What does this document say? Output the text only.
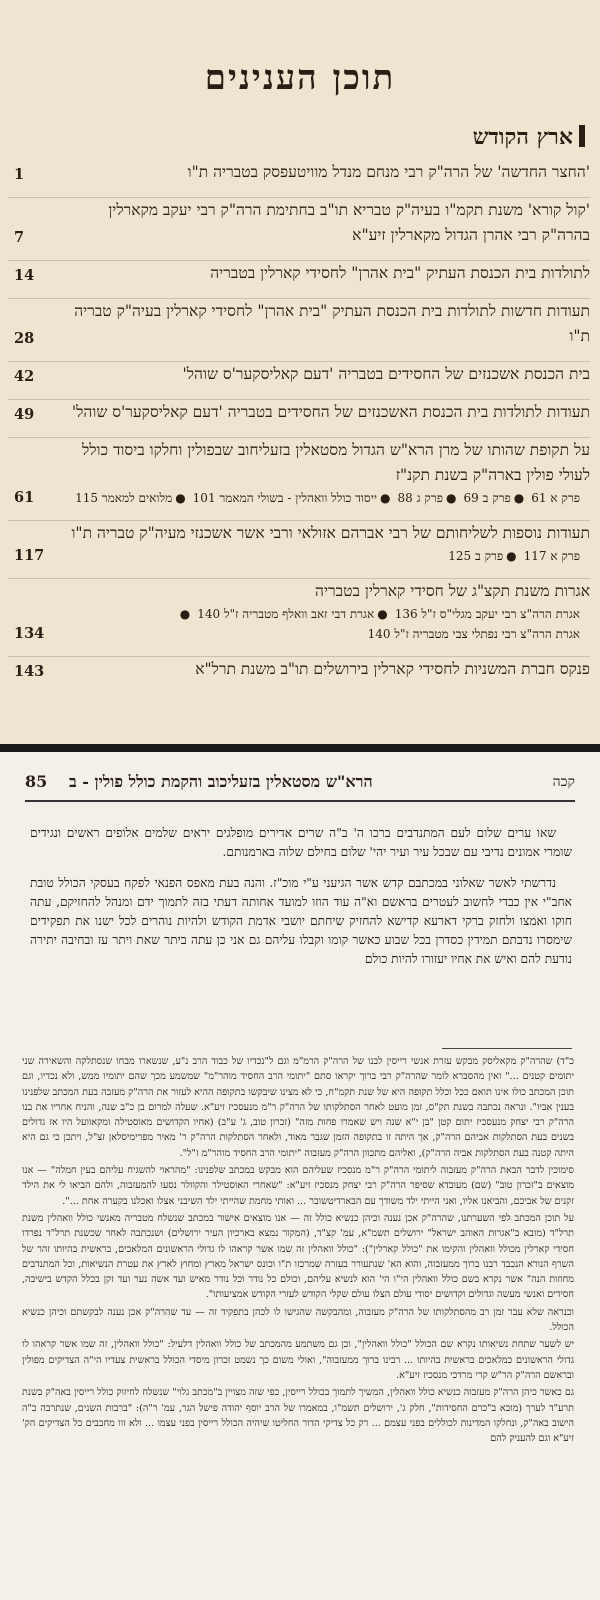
תוכן הענינים
ארץ הקודש
'החצר החדשה' של הרה"ק רבי מנחם מנדל מוויטעפסק בטבריה ת"ו
1
'קול קורא' משנת תקמ"ו בעיה"ק טבריא תו"ב בחתימת הרה"ק רבי יעקב מקארלין בהרה"ק רבי אהרן הגדול מקארלין זיע"א
7
לתולדות בית הכנסת העתיק "בית אהרן" לחסידי קארלין בטבריה
14
תעודות חדשות לתולדות בית הכנסת העתיק "בית אהרן" לחסידי קארלין בעיה"ק טבריה ת"ו
28
בית הכנסת אשכנזים של החסידים בטבריה 'דעם קאליסקער'ס שוהל'
42
תעודות לתולדות בית הכנסת האשכנזים של החסידים בטבריה 'דעם קאליסקער'ס שוהל'
49
על תקופת שהותו של מרן הרא"ש הגדול מסטאלין בזעליחוב שבפולין וחלקו ביסוד כולל לעולי פולין בארה"ק בשנת תקנ"ז
פרק א 61●פרק ב 69●פרק ג 88●ייסוד כולל וואהלין - בשולי המאמר 101●מלואים למאמר 115
61
תעודות נוספות לשליחותם של רבי אברהם אזולאי ורבי אשר אשכנזי מעיה"ק טבריה ת"ו
פרק א 117●פרק ב 125
117
אגרות משנת תקצ"ג של חסידי קארלין בטבריה
אגרת הרה"צ רבי יעקב מגלי"ס ז"ל 136●אגרת דבי זאב וואלף מטבריה ז"ל 140●אגרת הרה"צ רבי נפתלי צבי מטבריה ז"ל 140
134
פנקס חברת המשניות לחסידי קארלין בירושלים תו"ב משנת תרל"א
143
קכה
הרא"ש מסטאלין בזעליכוב והקמת כולל פולין - ב
85

שאו ערים שלום לעם המתנדבים ברכו ה' ב"ה שרים אדירים מופלגים יראים שלמים אלופים ראשים ונגידים שומרי אמונים נדיבי עם שבכל עיר ועיר יהי' שלום בחילם שלוה בארמנותם.

נדרשתי לאשר שאלוני במכתבם קדש אשר הגיעני ע"י מוכ"ז. והנה בעת מאפס הפנאי לפקח בעסקי הכולל טובת אחב"י אין כבדי לחשוב לעטרים בראשם וא"ה עוד הוזו למועד אחותה דעתי בזה לתמוך ידם ומנהל להחזיקם, עתה חוקו ואמצו ולחזק ברקי דארעא קדישא להחזיק שיחתם יושבי אדמת הקודש ולהיות נוהרים לכל ישנו את תפקידים שימסרו נדבתם תמידין כסדרן בכל שבוע כאשר קומו וקבלו עליהם גם אני כן עתה ביתר שאת ויתר עז ובחיבה יתירה נודעת להם ואיש את אחיו יעזורו להיות כולם

כ"ד) שהרה"ק מקאליסק מבקש עזרת אנשי רייסין לבנו של הרה"ק הרמ"מ וגם ל"נכדיו של כבוד הרב נ"ע, שנשארו מבחו שנסתלקה והשאירה שני יתומים קטנים ..." ואין מהסברא לומר שהרה"ק רבי ברוך יקראו סתם "יתומי הרב החסיד מוהר"מ" שמשמע מכך שהם יתומיו ממש, ולא נכדיו, וגם תוכן המכתב כולו אינו תואם ככל וכלל תקופה היא של שנת תקמ"ח, כי לא מצינו שיבקשו בתקופה ההיא לעזור את הרה"ק מעזבה בעת המכתב שלפנינו בענין אביו". ונראה נכתבה בשנת תק"ס, זמן מועט לאחר הסתלקותו של הרה"ק ר"מ מנעסכיז זיע"א. שעלה למרום בן כ"ב שנה, והניח אחריו את בנו הרה"ק רבי יצחק מנעסכיז יתום קטן "בן י"א שנה ויש שאמרו פחות מזה" (זכרון טוב, ג' ע"ב) (אחיו הקדושים מאוסטילה ומקאוועל היו אז גדולים בשנים בעת הסתלקות אביהם הרה"ק, אך היתה זו בתקופה הזמן שגבר מאוד, ולאחר הסתלקות הרה"ק ר' מאיר מפרימיסלאן זצ"ל, ויתכן כי גם היא היתה קטנה בעת הסתלקות אביה הרה"ק), ואליהם מתכוון הרה"ק מעזבוה "יתומי הרב החסיד מוהר"מ ז"ל".

סימוכין לדבר הבאת הרה"ק מעזבוה ליתומי הרה"ק ר"מ מנסכיז שעליהם הוא מבקש במכתב שלפנינו: "מהראוי להשגיח עליהם בעין חמלה" — אנו מוצאים ב"זכרון טוב" (שם) מעובדא שסיפר הרה"ק רבי יצחק מנסכיז זיע"א: "שאחרי האוסטילר והקוולר נסעו להמעזבוה, ולהם הביאו לי את הילד זקנים של אביכם, והביאנו אליו, ואני הייתי ילד משודך עם הבארדיטשובר ... ואותי מחמת שהייתי ילד השיבני אצלו ואכלנו בקערה אחת ...".

על תוכן המכתב לפי השערתנו, שהרה"ק אכן נענה וכיהן כנשיא כולל זה — אנו מוצאים אישור במכתב שנשלח מטבריה מאנשי כולל וואהלין משנת תרל"ד (מובא ב"אגרות האוהב ישראל" ירושלים תשמ"א, עמ' קצ"ד, (המקור נמצא בארכיון העיר ירושלים) ושנכתבה לאחר שכשנת תרל"ד נפרדו חסידי קארלין מכולל וואהלין והקימו את "כולל קארלין"): "כולל וואהלין זה שמו אשר קראהו לו גדולי הראשונים המלאכים, בראשית בהיותו זהר של השרף הנורא הנכבד רבנו ברוך ממעזבוה, והוא הא' שנתעורר בעזרה שמרכזו ת"ו וכונס ישראל מארץ ומחוץ לארץ את עטרת הנשיאות, וכל המתנדבים מחוזות הנה" אשר נקרא בשם כולל וואהלין הי"ו הי' הוא לנשיא עליהם, וכולם כל נודר וכל נודר מאיש ועד אשה נער ועד זקן בכלל הקדש בישיבה, חסידים ואנשי מעשה וגדולים וקדושים יסודי עולם הצלו עולם שקלי הקודש לעזרי הקודש אמציעותו".

וכנראה שלא עבר זמן רב מהסתלקותו של הרה"ק מעזבוה, ומהבקשה שהגישו לו לכהן בתפקיד זה — עד שהרה"ק אכן נענה לבקשתם וכיהן כנשיא הכולל.

יש לשער שתחת נשיאותו נקרא שם הכולל "כולל וואהלין", וכן גם משתמע מהמכתב של כולל וואהלין דלעיל: "כולל וואהלין, זה שמו אשר קראהו לו גדולי הראשונים כמלאכים בראשית בהיותו ... רבינו ברוך ממעזבוה", ואולי משום כך נשמט זכרון מיסדי הכולל בראשית צעדיו הי"ה הצדיקים מפולין ובראשם הרה"ק הר"ש קרי מרדכי מנסכיז זיע"א.

גם כאשר כיהן הרה"ק מעזבוה כנשיא כולל וואהלין, המשיך לתמוך בכולל רייסין, כפי שזה מצויין ב"מכתב גלוי" שנשלח לחיזוק כולל רייסין באה"ק בשנת תרע"ד לערך (מובא ב"כרם החסידות", חלק ג', ירושלים תשמ"ו, במאמרו של הרב יוסף יהודה פישל הגר, עמ' ר"ה): "ברבות השנים, שנתרבה כ"ה הישוב באה"ק, ונחלקו המדינות לכוללים בפני עצמם ... רק כל צדיקי הדור החליטו שיהיה הכולל רייסין בפני עצמו ... ולא זוו מחבבים כל הצדיקים הק' זיע"א וגם להעניק להם
